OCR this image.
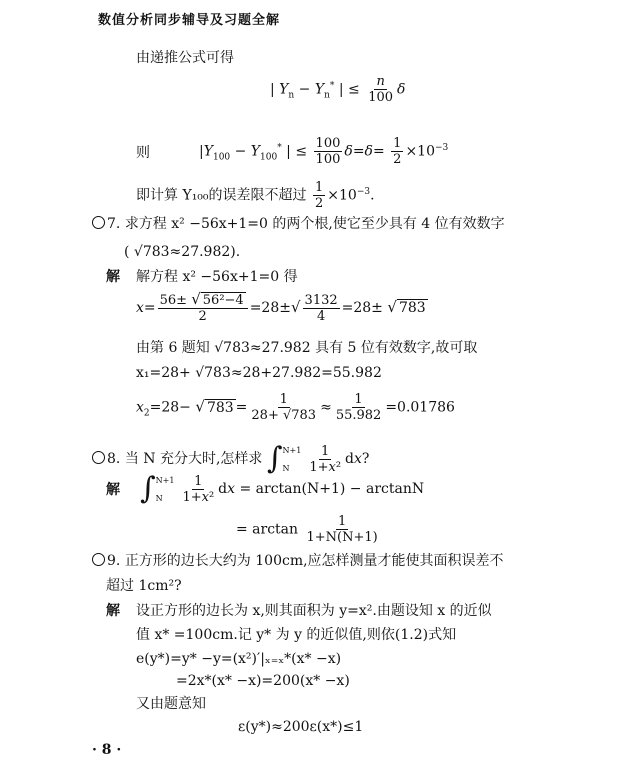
数值分析同步辅导及习题全解
由递推公式可得
| $Y_n - Y_n^*$ | ≤ $\frac{n}{100}$ δ
则	$|Y_{100} - Y_{100}^*$ | ≤ $\frac{100}{100} \delta=\delta= \frac{1}{2} \times 10^{-3}$
即计算 Y₁₀₀的误差限不超过 $\frac{1}{2} \times 10^{-3}$.
7. 求方程 x² −56x+1=0 的两个根,使它至少具有 4 位有效数字
( √783≈27.982).
解 解方程 x² −56x+1=0 得
$x= \frac{\text{56± √ 56²−4}}{2} =28\pm√ \frac{3132}{4} =28\pm$ √ 783
由第 6 题知 √783≈27.982 具有 5 位有效数字,故可取
x₁=28+ √783≈28+27.982=55.982
$x_2=28-$ √ $783 = \frac{1}{28+ √783} \approx \frac{1}{55.982} =0.01786$
8. 当 N 充分大时,怎样求 ∫ N+1
N	$\frac{1}{\text{1+x²}}$ dx?
解 ∫ N+1
N	$\frac{1}{\text{1+x²}}$ dx = arctan(N+1) − arctanN
= $\arctan \frac{1}{1+N(N+1)}$
9. 正方形的边长大约为 100cm,应怎样测量才能使其面积误差不
超过 1cm²?
解 设正方形的边长为 x,则其面积为 y=x².由题设知 x 的近似
值 x* =100cm.记 y* 为 y 的近似值,则依(1.2)式知
e(y*)=y* −y=(x²)′|ₓ₌ₓ*(x* −x)
=2x*(x* −x)=200(x* −x)
又由题意知
ε(y*)≈200ε(x*)≤1
· 8 ·
